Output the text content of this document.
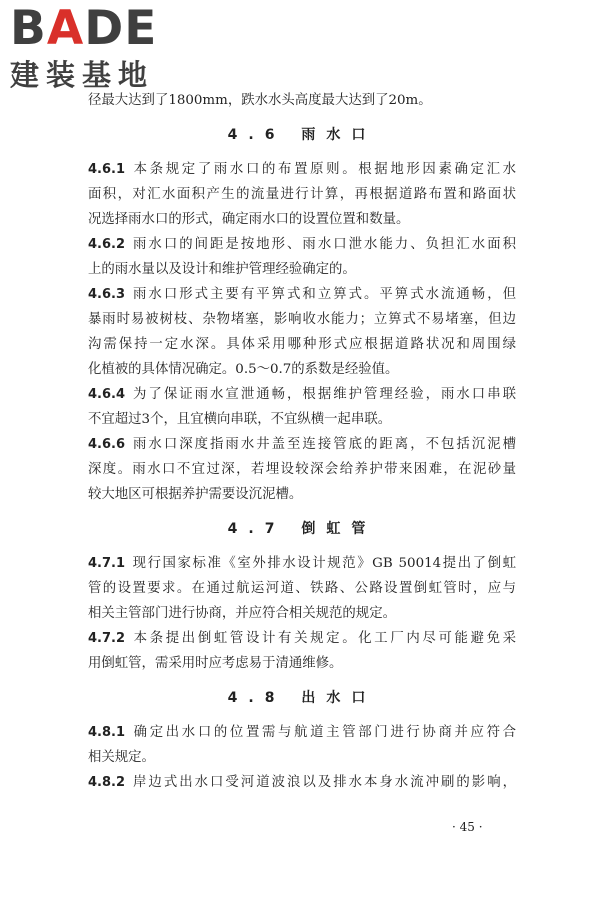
BADE
建装基地
径最大达到了1800mm，跌水水头高度最大达到了20m。
4.6 雨水口
4.6.1 本条规定了雨水口的布置原则。根据地形因素确定汇水
面积，对汇水面积产生的流量进行计算，再根据道路布置和路面状
况选择雨水口的形式，确定雨水口的设置位置和数量。
4.6.2 雨水口的间距是按地形、雨水口泄水能力、负担汇水面积
上的雨水量以及设计和维护管理经验确定的。
4.6.3 雨水口形式主要有平箅式和立箅式。平箅式水流通畅，但
暴雨时易被树枝、杂物堵塞，影响收水能力；立箅式不易堵塞，但边
沟需保持一定水深。具体采用哪种形式应根据道路状况和周围绿
化植被的具体情况确定。0.5～0.7的系数是经验值。
4.6.4 为了保证雨水宣泄通畅，根据维护管理经验，雨水口串联
不宜超过3个，且宜横向串联，不宜纵横一起串联。
4.6.6 雨水口深度指雨水井盖至连接管底的距离，不包括沉泥槽
深度。雨水口不宜过深，若埋设较深会给养护带来困难，在泥砂量
较大地区可根据养护需要设沉泥槽。
4.7 倒虹管
4.7.1 现行国家标准《室外排水设计规范》GB 50014提出了倒虹
管的设置要求。在通过航运河道、铁路、公路设置倒虹管时，应与
相关主管部门进行协商，并应符合相关规范的规定。
4.7.2 本条提出倒虹管设计有关规定。化工厂内尽可能避免采
用倒虹管，需采用时应考虑易于清通维修。
4.8 出水口
4.8.1 确定出水口的位置需与航道主管部门进行协商并应符合
相关规定。
4.8.2 岸边式出水口受河道波浪以及排水本身水流冲刷的影响，
· 45 ·
